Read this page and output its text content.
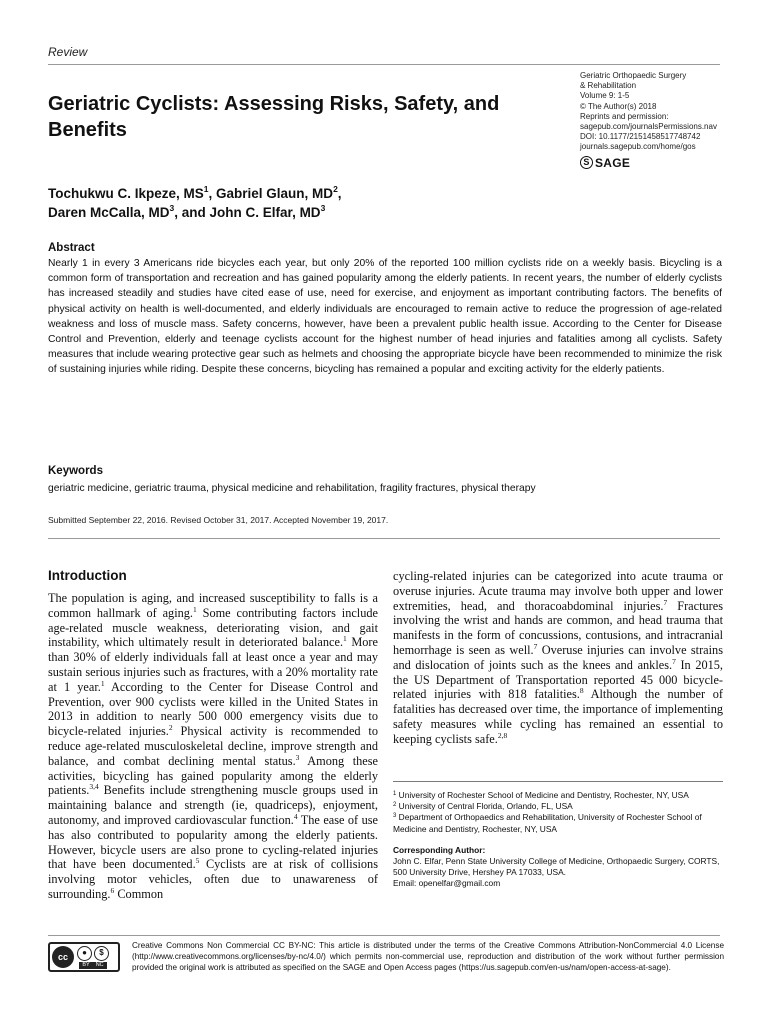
Review
Geriatric Cyclists: Assessing Risks, Safety, and Benefits
Geriatric Orthopaedic Surgery
& Rehabilitation
Volume 9: 1-5
© The Author(s) 2018
Reprints and permission:
sagepub.com/journalsPermissions.nav
DOI: 10.1177/2151458517748742
journals.sagepub.com/home/gos
S SAGE
Tochukwu C. Ikpeze, $MS^1$, Gabriel Glaun, $MD^2$,
Daren McCalla, $MD^3$, and John C. Elfar, $MD^3$
Abstract

Nearly 1 in every 3 Americans ride bicycles each year, but only 20% of the reported 100 million cyclists ride on a weekly basis. Bicycling is a common form of transportation and recreation and has gained popularity among the elderly patients. In recent years, the number of elderly cyclists has increased steadily and studies have cited ease of use, need for exercise, and enjoyment as important contributing factors. The benefits of physical activity on health is well-documented, and elderly individuals are encouraged to remain active to reduce the progression of age-related weakness and loss of muscle mass. Safety concerns, however, have been a prevalent public health issue. According to the Center for Disease Control and Prevention, elderly and teenage cyclists account for the highest number of head injuries and fatalities among all cyclists. Safety measures that include wearing protective gear such as helmets and choosing the appropriate bicycle have been recommended to minimize the risk of sustaining injuries while riding. Despite these concerns, bicycling has remained a popular and exciting activity for the elderly patients.

Keywords

geriatric medicine, geriatric trauma, physical medicine and rehabilitation, fragility fractures, physical therapy

Submitted September 22, 2016. Revised October 31, 2017. Accepted November 19, 2017.

Introduction

The population is aging, and increased susceptibility to falls is a common hallmark of aging.$^1$ Some contributing factors include age-related muscle weakness, deteriorating vision, and gait instability, which ultimately result in deteriorated balance.$^1$ More than 30% of elderly individuals fall at least once a year and may sustain serious injuries such as fractures, with a 20% mortality rate at 1 year.$^1$ According to the Center for Disease Control and Prevention, over 900 cyclists were killed in the United States in 2013 in addition to nearly 500 000 emergency visits due to bicycle-related injuries.$^2$ Physical activity is recommended to reduce age-related musculoskeletal decline, improve strength and balance, and combat declining mental status.$^3$ Among these activities, bicycling has gained popularity among the elderly patients.$^{3,4}$ Benefits include strengthening muscle groups used in maintaining balance and strength (ie, quadriceps), enjoyment, autonomy, and improved cardiovascular function.$^4$ The ease of use has also contributed to popularity among the elderly patients. However, bicycle users are also prone to cycling-related injuries that have been documented.$^5$ Cyclists are at risk of collisions involving motor vehicles, often due to unawareness of surrounding.$^6$ Common

cycling-related injuries can be categorized into acute trauma or overuse injuries. Acute trauma may involve both upper and lower extremities, head, and thoracoabdominal injuries.$^7$ Fractures involving the wrist and hands are common, and head trauma that manifests in the form of concussions, contusions, and intracranial hemorrhage is seen as well.$^7$ Overuse injuries can involve strains and dislocation of joints such as the knees and ankles.$^7$ In 2015, the US Department of Transportation reported 45 000 bicycle-related injuries with 818 fatalities.$^8$ Although the number of fatalities has decreased over time, the importance of implementing safety measures while cycling has remained an essential to keeping cyclists safe.$^{2,8}$

$^1$ University of Rochester School of Medicine and Dentistry, Rochester, NY, USA

$^2$ University of Central Florida, Orlando, FL, USA

$^3$ Department of Orthopaedics and Rehabilitation, University of Rochester School of Medicine and Dentistry, Rochester, NY, USA

Corresponding Author:

John C. Elfar, Penn State University College of Medicine, Orthopaedic Surgery, CORTS, 500 University Drive, Hershey PA 17033, USA.

Email: openelfar@gmail.com

cc	●	$
BY NC

Creative Commons Non Commercial CC BY-NC: This article is distributed under the terms of the Creative Commons Attribution-NonCommercial 4.0 License (http://www.creativecommons.org/licenses/by-nc/4.0/) which permits non-commercial use, reproduction and distribution of the work without further permission provided the original work is attributed as specified on the SAGE and Open Access pages (https://us.sagepub.com/en-us/nam/open-access-at-sage).
